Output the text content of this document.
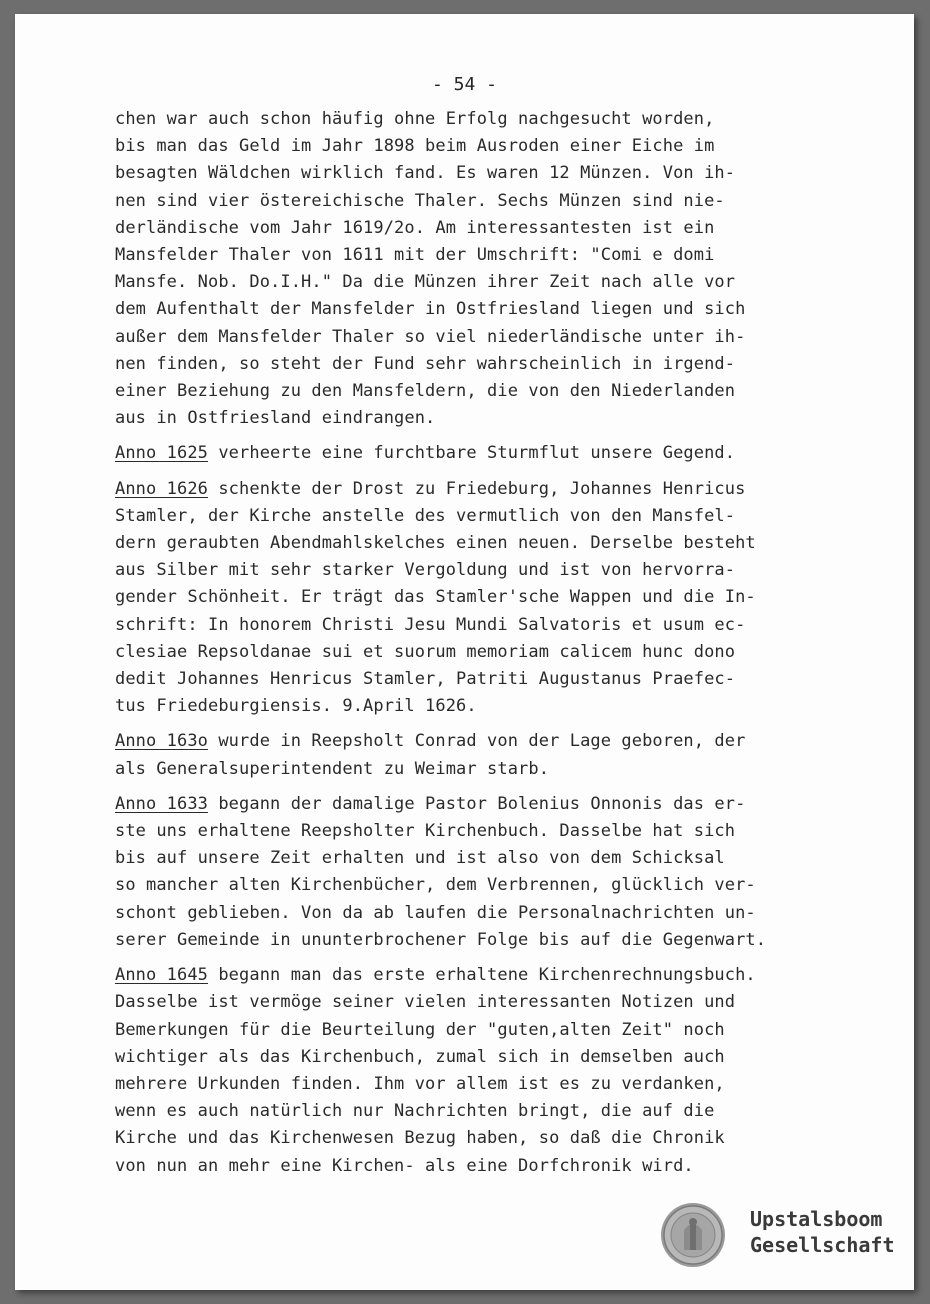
- 54 -
chen war auch schon häufig ohne Erfolg nachgesucht worden,
bis man das Geld im Jahr 1898 beim Ausroden einer Eiche im
besagten Wäldchen wirklich fand. Es waren 12 Münzen. Von ih-
nen sind vier östereichische Thaler. Sechs Münzen sind nie-
derländische vom Jahr 1619/2o. Am interessantesten ist ein
Mansfelder Thaler von 1611 mit der Umschrift: "Comi e domi
Mansfe. Nob. Do.I.H." Da die Münzen ihrer Zeit nach alle vor
dem Aufenthalt der Mansfelder in Ostfriesland liegen und sich
außer dem Mansfelder Thaler so viel niederländische unter ih-
nen finden, so steht der Fund sehr wahrscheinlich in irgend-
einer Beziehung zu den Mansfeldern, die von den Niederlanden
aus in Ostfriesland eindrangen.
Anno 1625 verheerte eine furchtbare Sturmflut unsere Gegend.
Anno 1626 schenkte der Drost zu Friedeburg, Johannes Henricus
Stamler, der Kirche anstelle des vermutlich von den Mansfel-
dern geraubten Abendmahlskelches einen neuen. Derselbe besteht
aus Silber mit sehr starker Vergoldung und ist von hervorra-
gender Schönheit. Er trägt das Stamler'sche Wappen und die In-
schrift: In honorem Christi Jesu Mundi Salvatoris et usum ec-
clesiae Repsoldanae sui et suorum memoriam calicem hunc dono
dedit Johannes Henricus Stamler, Patriti Augustanus Praefec-
tus Friedeburgiensis. 9.April 1626.
Anno 163o wurde in Reepsholt Conrad von der Lage geboren, der
als Generalsuperintendent zu Weimar starb.
Anno 1633 begann der damalige Pastor Bolenius Onnonis das er-
ste uns erhaltene Reepsholter Kirchenbuch. Dasselbe hat sich
bis auf unsere Zeit erhalten und ist also von dem Schicksal
so mancher alten Kirchenbücher, dem Verbrennen, glücklich ver-
schont geblieben. Von da ab laufen die Personalnachrichten un-
serer Gemeinde in ununterbrochener Folge bis auf die Gegenwart.
Anno 1645 begann man das erste erhaltene Kirchenrechnungsbuch.
Dasselbe ist vermöge seiner vielen interessanten Notizen und
Bemerkungen für die Beurteilung der "guten,alten Zeit" noch
wichtiger als das Kirchenbuch, zumal sich in demselben auch
mehrere Urkunden finden. Ihm vor allem ist es zu verdanken,
wenn es auch natürlich nur Nachrichten bringt, die auf die
Kirche und das Kirchenwesen Bezug haben, so daß die Chronik
von nun an mehr eine Kirchen- als eine Dorfchronik wird.
Upstalsboom
Gesellschaft
